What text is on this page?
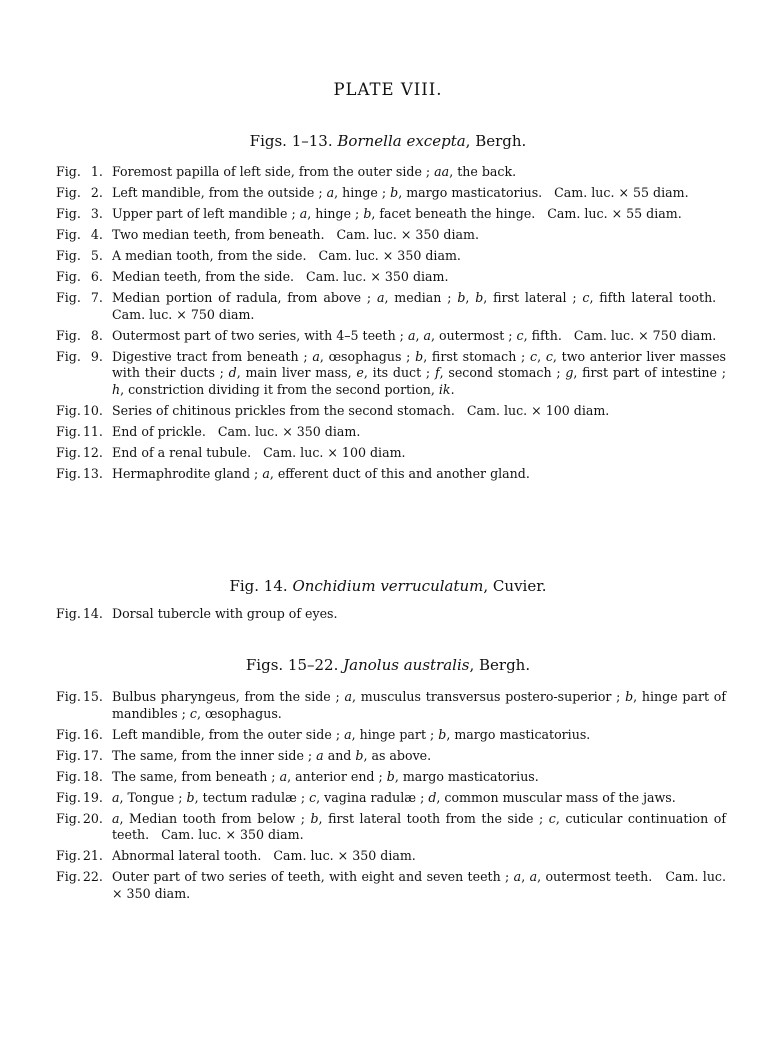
PLATE VIII.
Figs. 1–13. Bornella excepta, Bergh.
Fig. 1. Foremost papilla of left side, from the outer side ; aa, the back.
Fig. 2. Left mandible, from the outside ; a, hinge ; b, margo masticatorius.   Cam. luc. × 55 diam.
Fig. 3. Upper part of left mandible ; a, hinge ; b, facet beneath the hinge.   Cam. luc. × 55 diam.
Fig. 4. Two median teeth, from beneath.   Cam. luc. × 350 diam.
Fig. 5. A median tooth, from the side.   Cam. luc. × 350 diam.
Fig. 6. Median teeth, from the side.   Cam. luc. × 350 diam.
Fig. 7. Median portion of radula, from above ; a, median ; b, b, first lateral ; c, fifth lateral tooth.   Cam. luc. × 750 diam.
Fig. 8. Outermost part of two series, with 4–5 teeth ; a, a, outermost ; c, fifth.   Cam. luc. × 750 diam.
Fig. 9. Digestive tract from beneath ; a, œsophagus ; b, first stomach ; c, c, two anterior liver masses with their ducts ; d, main liver mass, e, its duct ; f, second stomach ; g, first part of intestine ; h, constriction dividing it from the second portion, ik.
Fig. 10. Series of chitinous prickles from the second stomach.   Cam. luc. × 100 diam.
Fig. 11. End of prickle.   Cam. luc. × 350 diam.
Fig. 12. End of a renal tubule.   Cam. luc. × 100 diam.
Fig. 13. Hermaphrodite gland ; a, efferent duct of this and another gland.
Fig. 14. Onchidium verruculatum, Cuvier.
Fig. 14. Dorsal tubercle with group of eyes.
Figs. 15–22. Janolus australis, Bergh.
Fig. 15. Bulbus pharyngeus, from the side ; a, musculus transversus postero-superior ; b, hinge part of mandibles ; c, œsophagus.
Fig. 16. Left mandible, from the outer side ; a, hinge part ; b, margo masticatorius.
Fig. 17. The same, from the inner side ; a and b, as above.
Fig. 18. The same, from beneath ; a, anterior end ; b, margo masticatorius.
Fig. 19. a, Tongue ; b, tectum radulæ ; c, vagina radulæ ; d, common muscular mass of the jaws.
Fig. 20. a, Median tooth from below ; b, first lateral tooth from the side ; c, cuticular continuation of teeth.   Cam. luc. × 350 diam.
Fig. 21. Abnormal lateral tooth.   Cam. luc. × 350 diam.
Fig. 22. Outer part of two series of teeth, with eight and seven teeth ; a, a, outermost teeth.   Cam. luc. × 350 diam.
